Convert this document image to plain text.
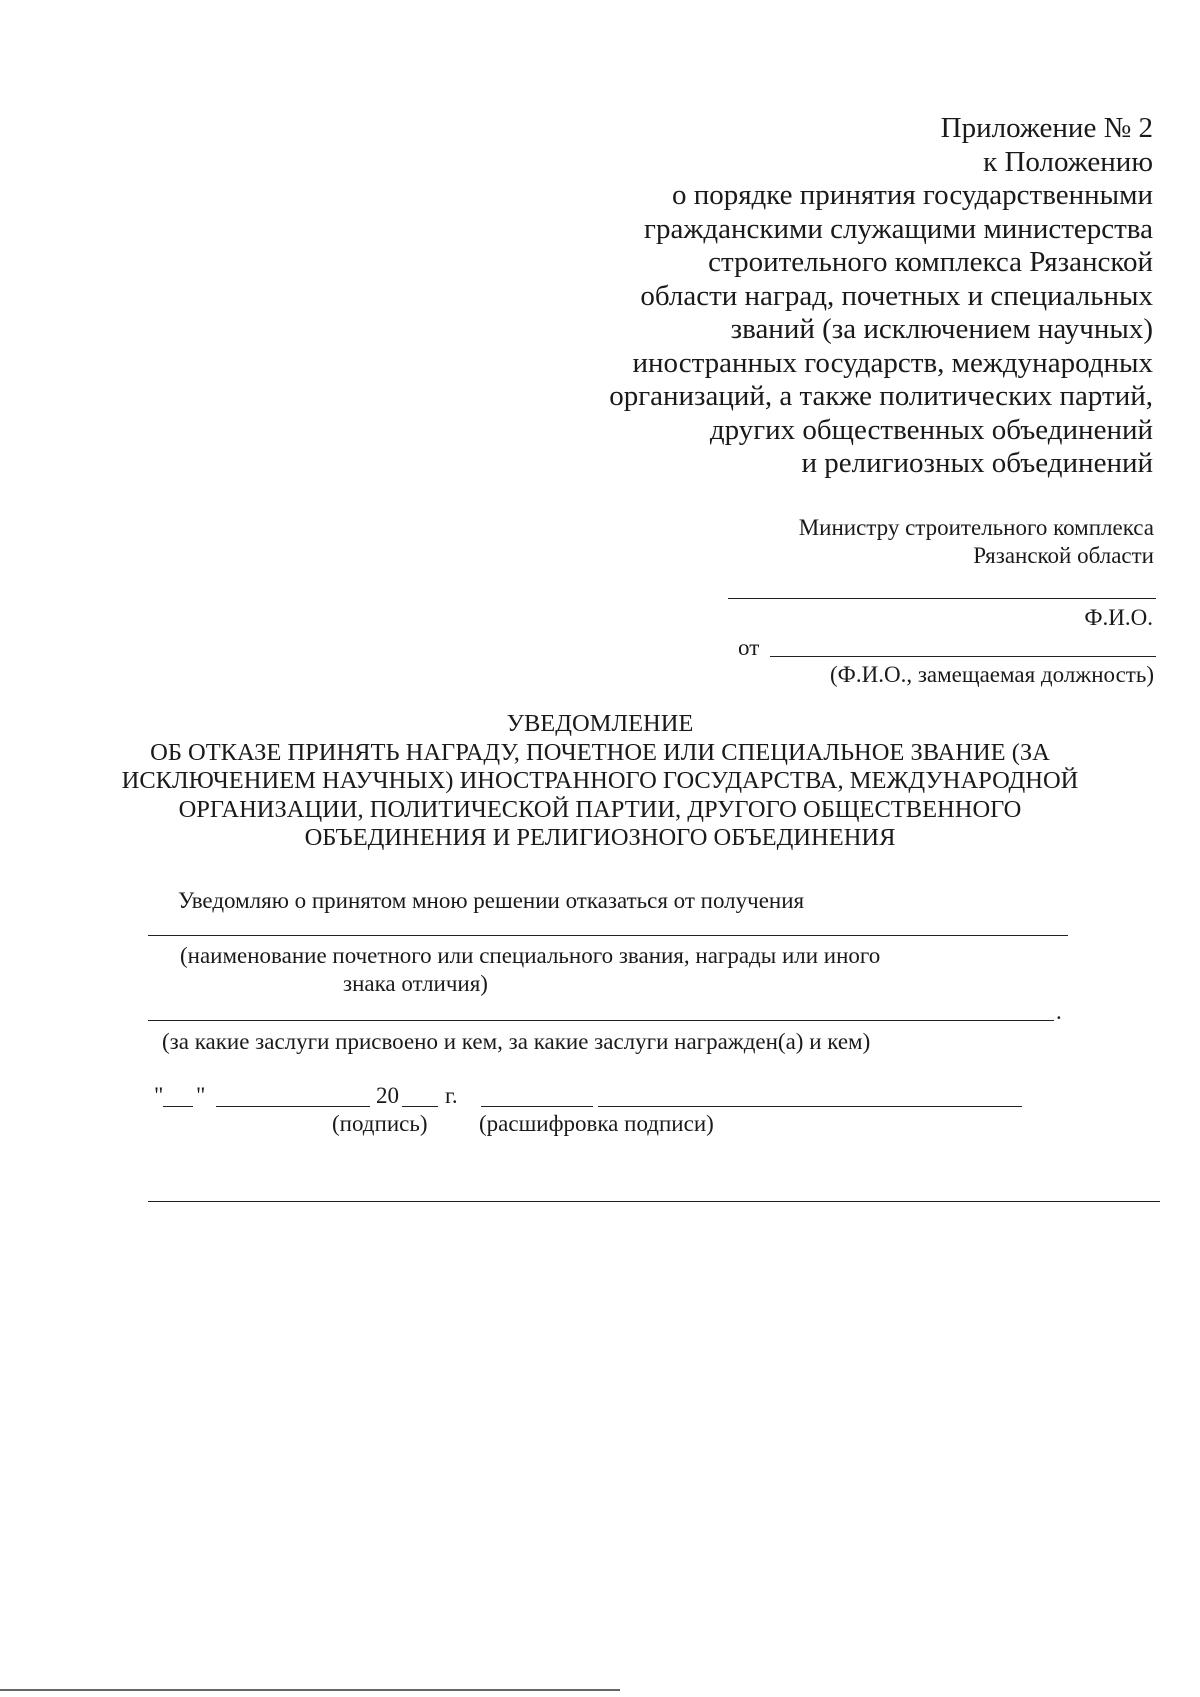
Приложение № 2
к Положению
о порядке принятия государственными
гражданскими служащими министерства
строительного комплекса Рязанской
области наград, почетных и специальных
званий (за исключением научных)
иностранных государств, международных
организаций, а также политических партий,
других общественных объединений
и религиозных объединений
Министру строительного комплекса
Рязанской области
Ф.И.О.
от
(Ф.И.О., замещаемая должность)
УВЕДОМЛЕНИЕ
ОБ ОТКАЗЕ ПРИНЯТЬ НАГРАДУ, ПОЧЕТНОЕ ИЛИ СПЕЦИАЛЬНОЕ ЗВАНИЕ (ЗА
ИСКЛЮЧЕНИЕМ НАУЧНЫХ) ИНОСТРАННОГО ГОСУДАРСТВА, МЕЖДУНАРОДНОЙ
ОРГАНИЗАЦИИ, ПОЛИТИЧЕСКОЙ ПАРТИИ, ДРУГОГО ОБЩЕСТВЕННОГО
ОБЪЕДИНЕНИЯ И РЕЛИГИОЗНОГО ОБЪЕДИНЕНИЯ
Уведомляю о принятом мною решении отказаться от получения
(наименование почетного или специального звания, награды или иного
знака отличия)
.
(за какие заслуги присвоено и кем, за какие заслуги награжден(а) и кем)
" "	20 г.
(подпись) (расшифровка подписи)
